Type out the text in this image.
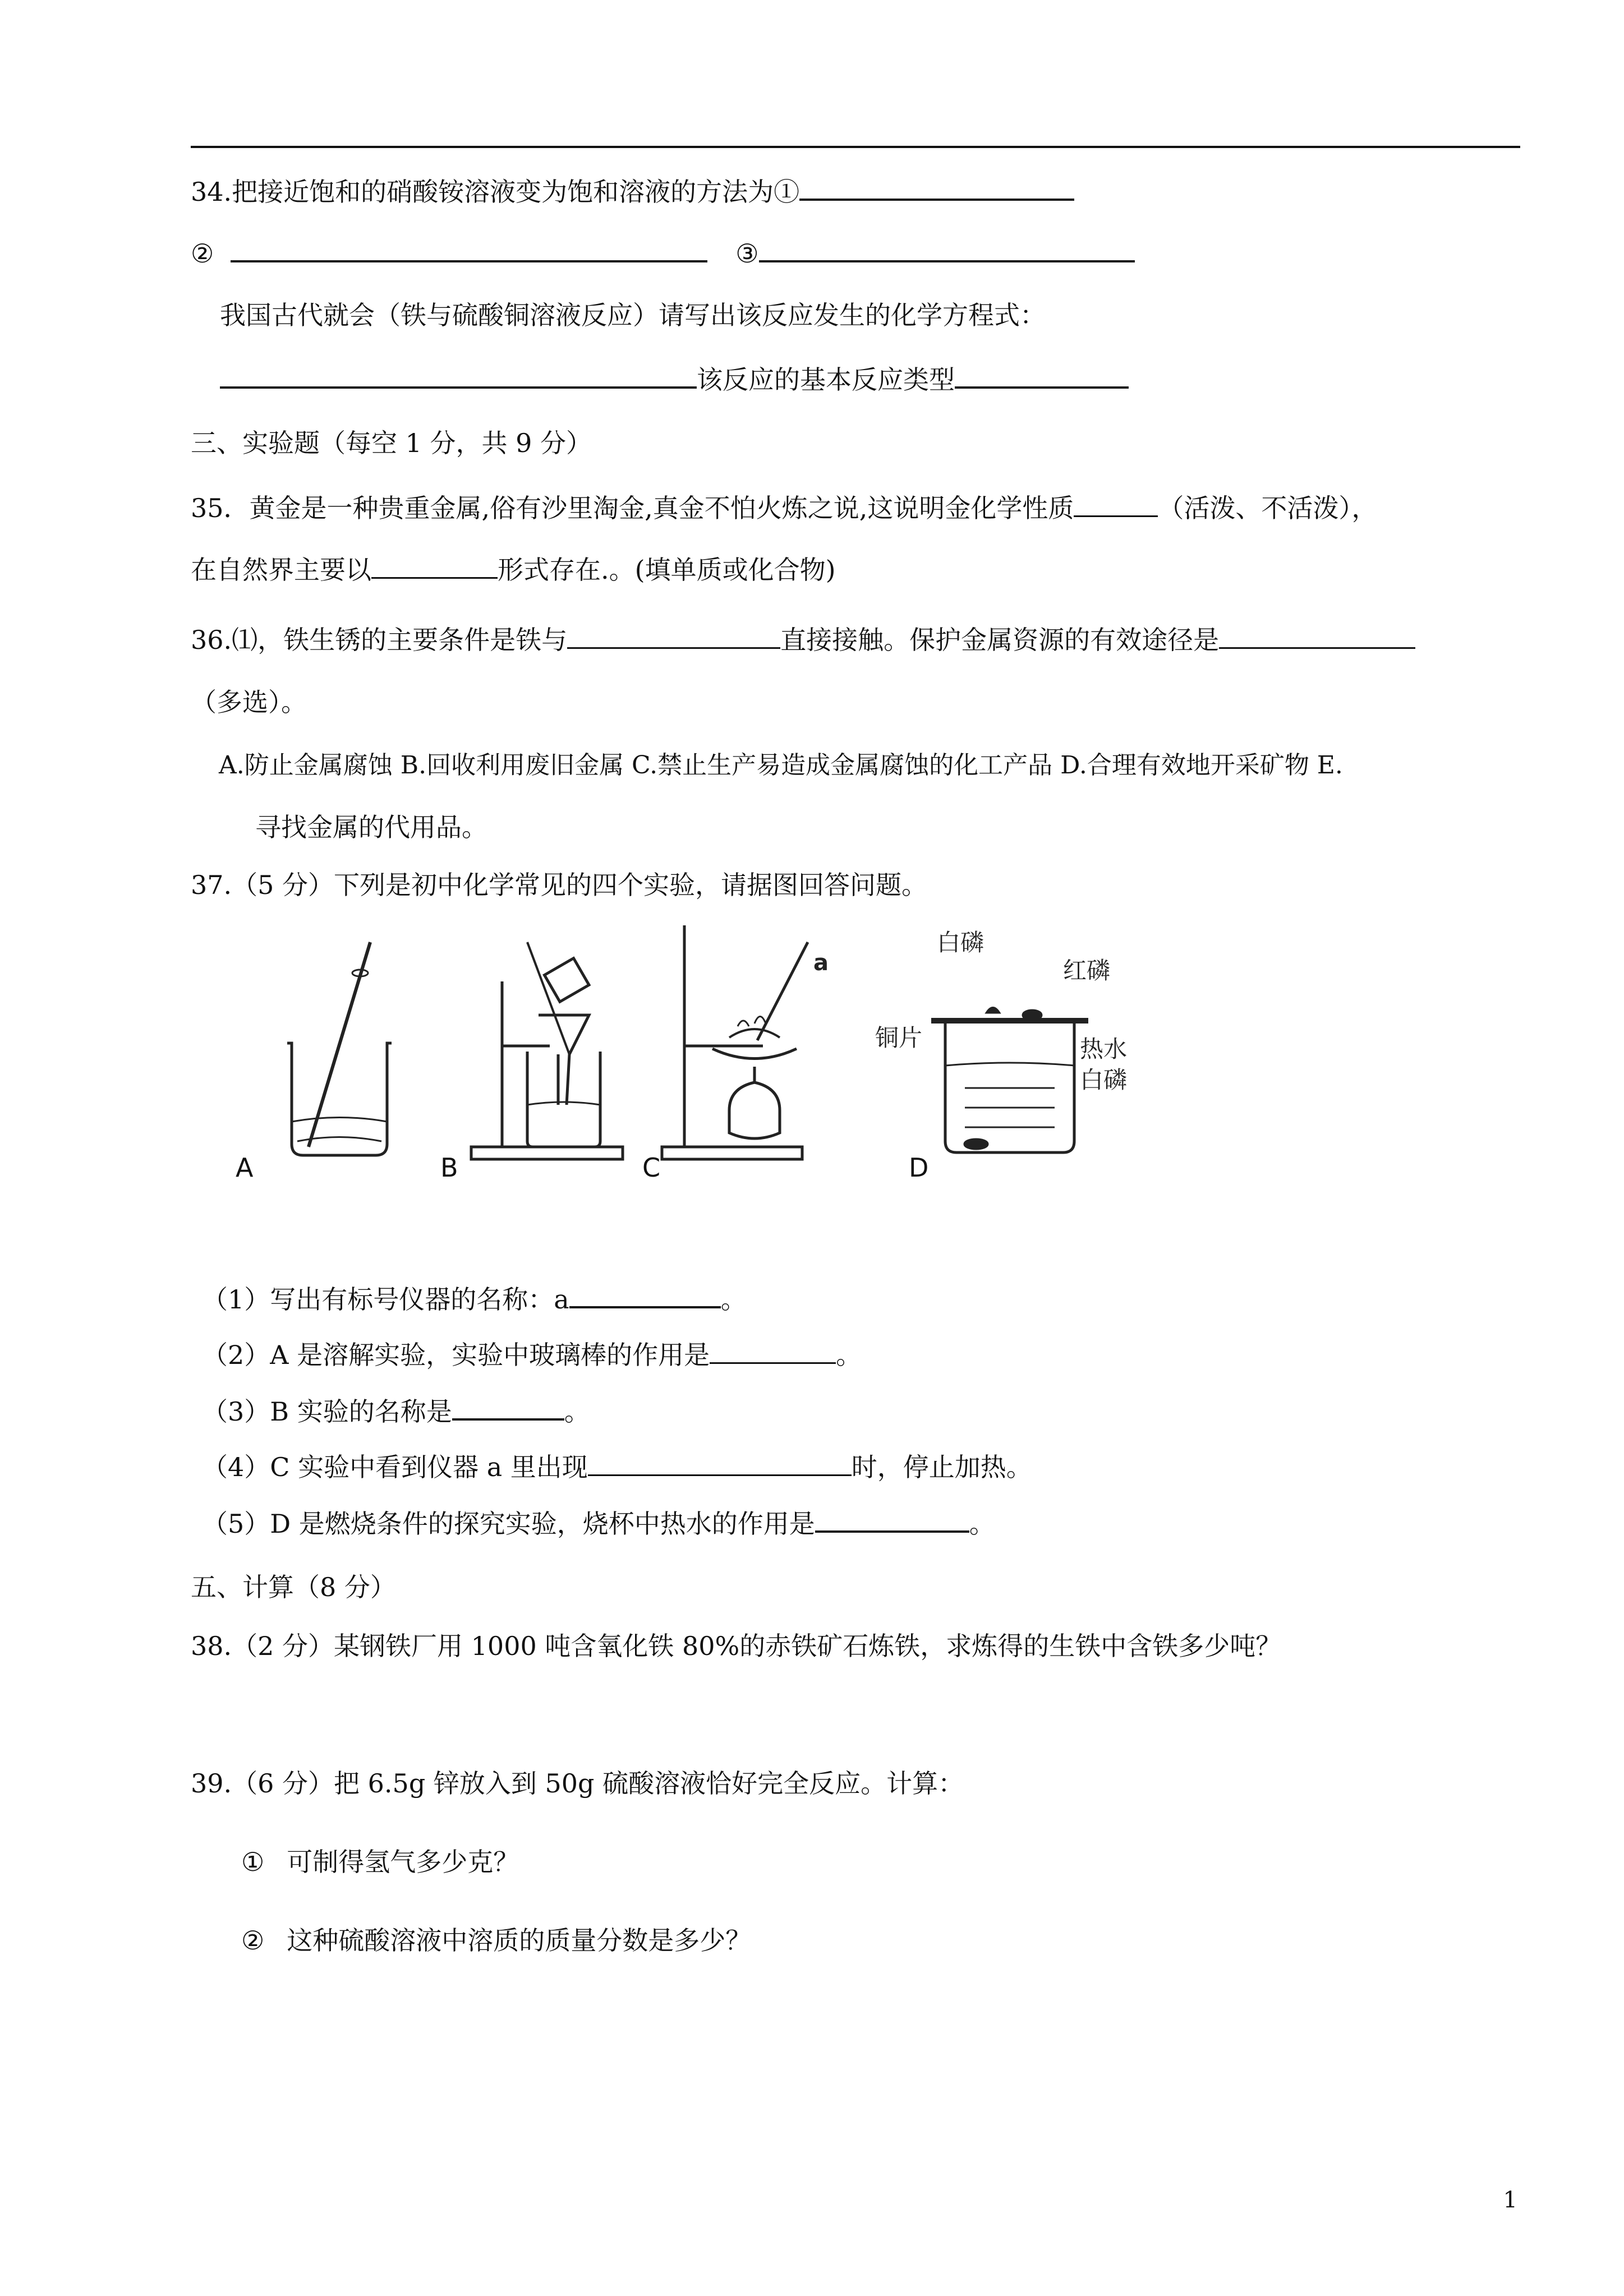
34.把接近饱和的硝酸铵溶液变为饱和溶液的方法为①
②	③
我国古代就会（铁与硫酸铜溶液反应）请写出该反应发生的化学方程式：
该反应的基本反应类型
三、实验题（每空 1 分，共 9 分）
35．黄金是一种贵重金属,俗有沙里淘金,真金不怕火炼之说,这说明金化学性质	（活泼、不活泼），
在自然界主要以	形式存在.。(填单质或化合物)
36.⑴，铁生锈的主要条件是铁与	直接接触。保护金属资源的有效途径是
（多选）。
A.防止金属腐蚀 B.回收利用废旧金属 C.禁止生产易造成金属腐蚀的化工产品 D.合理有效地开采矿物 E.
寻找金属的代用品。
37.（5 分）下列是初中化学常见的四个实验，请据图回答问题。
a
白磷
红磷
铜片	热水
白磷
A	B	C	D
（1）写出有标号仪器的名称：a	。
（2）A 是溶解实验，实验中玻璃棒的作用是	。
（3）B 实验的名称是	。
（4）C 实验中看到仪器 a 里出现	时，停止加热。
（5）D 是燃烧条件的探究实验，烧杯中热水的作用是	。
五、计算（8 分）
38.（2 分）某钢铁厂用 1000 吨含氧化铁 80%的赤铁矿石炼铁，求炼得的生铁中含铁多少吨？
39.（6 分）把 6.5g 锌放入到 50g 硫酸溶液恰好完全反应。计算：
① 可制得氢气多少克？
② 这种硫酸溶液中溶质的质量分数是多少？
1
